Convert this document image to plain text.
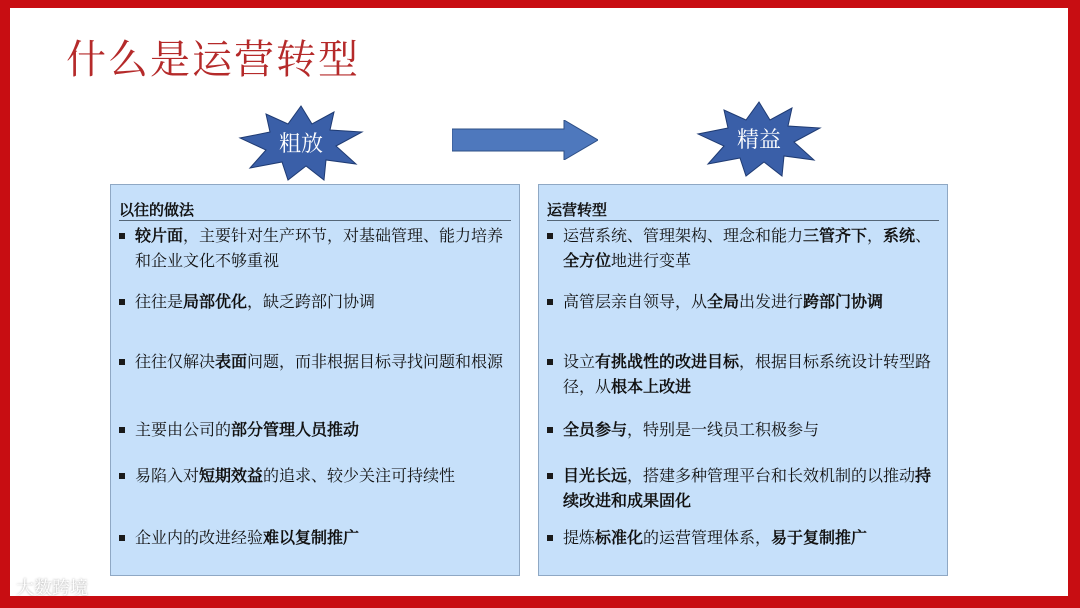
什么是运营转型
粗放	精益
以往的做法
较片面，主要针对生产环节，对基础管理、能力培养和企业文化不够重视
往往是局部优化，缺乏跨部门协调
往往仅解决表面问题，而非根据目标寻找问题和根源
主要由公司的部分管理人员推动
易陷入对短期效益的追求、较少关注可持续性
企业内的改进经验难以复制推广
运营转型
运营系统、管理架构、理念和能力三管齐下，系统、全方位地进行变革
高管层亲自领导，从全局出发进行跨部门协调
设立有挑战性的改进目标，根据目标系统设计转型路径，从根本上改进
全员参与，特别是一线员工积极参与
目光长远，搭建多种管理平台和长效机制的以推动持续改进和成果固化
提炼标准化的运营管理体系，易于复制推广
大数跨境
